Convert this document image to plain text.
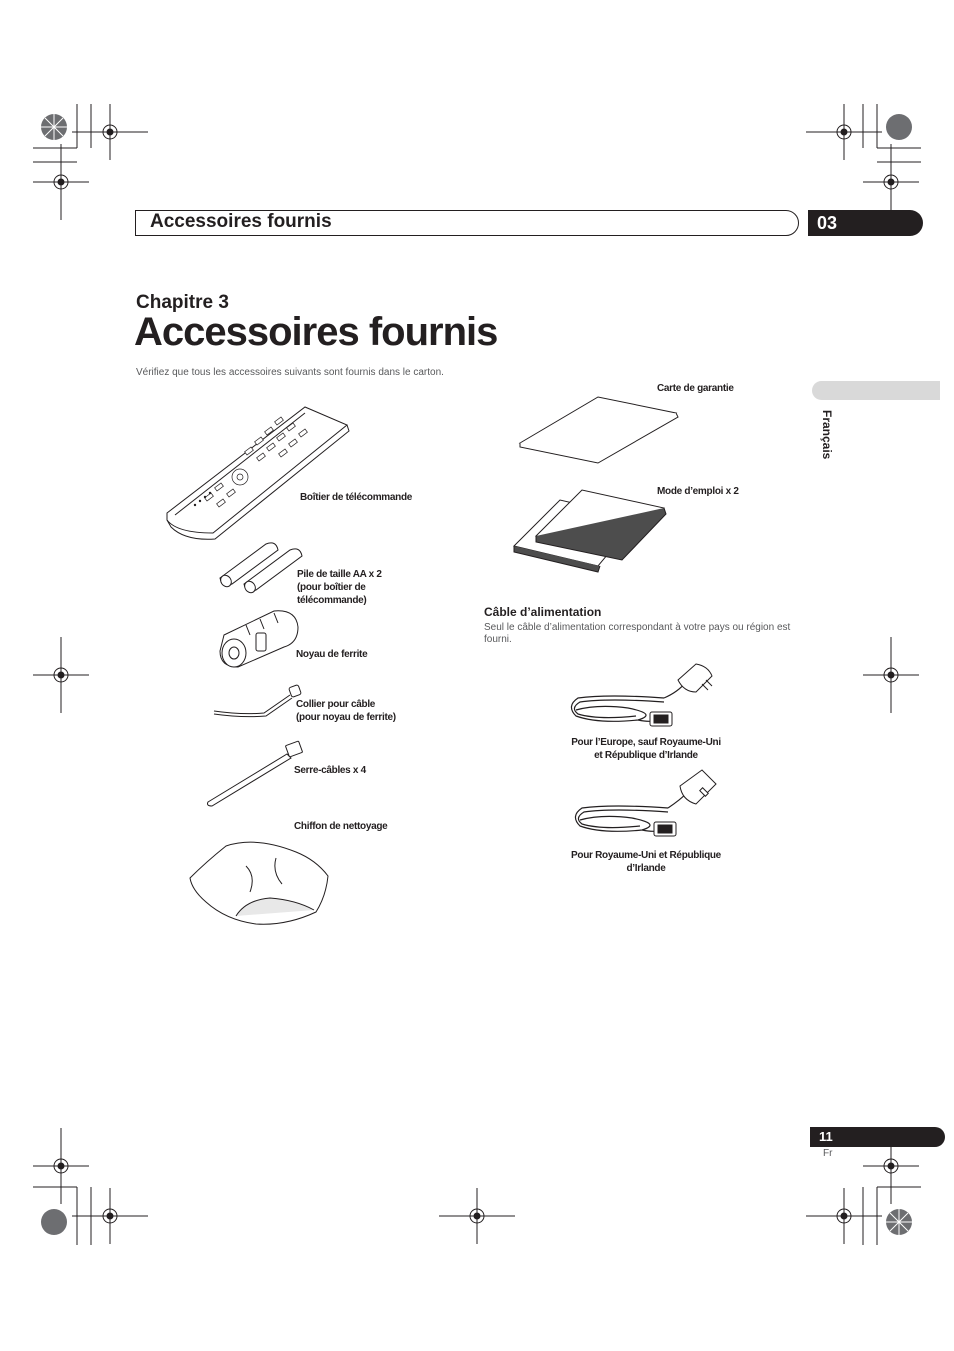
Accessoires fournis	03
Chapitre 3
Accessoires fournis
Vérifiez que tous les accessoires suivants sont fournis dans le carton.
Français
Boîtier de télécommande
Pile de taille AA x 2
(pour boîtier de
télécommande)
Noyau de ferrite
Collier pour câble
(pour noyau de ferrite)
Serre-câbles x 4
Chiffon de nettoyage
Carte de garantie
Mode d’emploi x 2
Câble d’alimentation
Seul le câble d’alimentation correspondant à votre pays ou région est fourni.
Pour l’Europe, sauf Royaume-Uni
et République d’Irlande
Pour Royaume-Uni et République
d’Irlande
11
Fr
